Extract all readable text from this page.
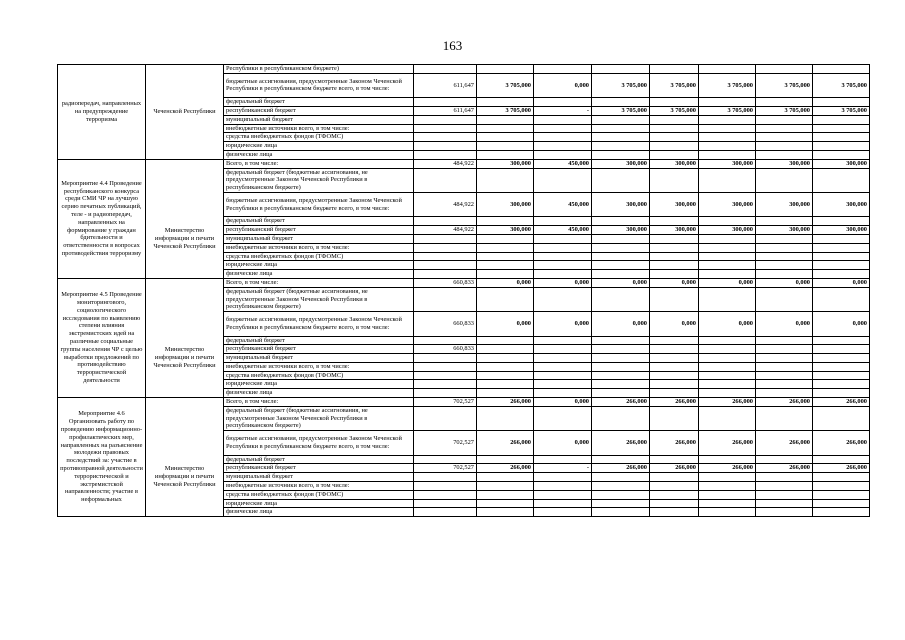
163
радиопередач, направленных на предупреждение терроризма	Чеченской Республики	Республики в республиканском бюджете)								
		бюджетные ассигнования, предусмотренные Законом Чеченской Республики в республиканском бюджете всего, в том числе:	611,647	3 705,000	0,000	3 705,000	3 705,000	3 705,000	3 705,000	3 705,000
		федеральный бюджет								
		республиканский бюджет	611,647	3 705,000	-	3 705,000	3 705,000	3 705,000	3 705,000	3 705,000
		муниципальный бюджет								
		внебюджетные источники всего, в том числе:								
		средства внебюджетных фондов (ТФОМС)								
		юридические лица								
		физические лица								
Мероприятие 4.4 Проведение республиканского конкурса среди СМИ ЧР на лучшую серию печатных публикаций, теле - и радиопередач, направленных на формирование у граждан бдительности и ответственности в вопросах противодействия терроризму	Министерство информации и печати Чеченской Республики	Всего, в том числе:	484,922	300,000	450,000	300,000	300,000	300,000	300,000	300,000
		федеральный бюджет (бюджетные ассигнования, не предусмотренные Законом Чеченской Республики в республиканском бюджете)								
		бюджетные ассигнования, предусмотренные Законом Чеченской Республики в республиканском бюджете всего, в том числе:	484,922	300,000	450,000	300,000	300,000	300,000	300,000	300,000
		федеральный бюджет								
		республиканский бюджет	484,922	300,000	450,000	300,000	300,000	300,000	300,000	300,000
		муниципальный бюджет								
		внебюджетные источники всего, в том числе:								
		средства внебюджетных фондов (ТФОМС)								
		юридические лица								
		физические лица								
Мероприятие 4.5 Проведение мониторингового, социологического исследования по выявлению степени влияния экстремистских идей на различные социальные группы населения ЧР с целью выработки предложений по противодействию террористической деятельности	Министерство информации и печати Чеченской Республики	Всего, в том числе:	660,833	0,000	0,000	0,000	0,000	0,000	0,000	0,000
		федеральный бюджет (бюджетные ассигнования, не предусмотренные Законом Чеченской Республики в республиканском бюджете)								
		бюджетные ассигнования, предусмотренные Законом Чеченской Республики в республиканском бюджете всего, в том числе:	660,833	0,000	0,000	0,000	0,000	0,000	0,000	0,000
		федеральный бюджет								
		республиканский бюджет	660,833							
		муниципальный бюджет								
		внебюджетные источники всего, в том числе:								
		средства внебюджетных фондов (ТФОМС)								
		юридические лица								
		физические лица								
Мероприятие 4.6 Организовать работу по проведению информационно-профилактических мер, направленных на разъяснение молодежи правовых последствий за: участие в противоправной деятельности террористической и экстремистской направленности; участие в неформальных	Министерство информации и печати Чеченской Республики	Всего, в том числе:	702,527	266,000	0,000	266,000	266,000	266,000	266,000	266,000
		федеральный бюджет (бюджетные ассигнования, не предусмотренные Законом Чеченской Республики в республиканском бюджете)								
		бюджетные ассигнования, предусмотренные Законом Чеченской Республики в республиканском бюджете всего, в том числе:	702,527	266,000	0,000	266,000	266,000	266,000	266,000	266,000
		федеральный бюджет								
		республиканский бюджет	702,527	266,000	-	266,000	266,000	266,000	266,000	266,000
		муниципальный бюджет								
		внебюджетные источники всего, в том числе:								
		средства внебюджетных фондов (ТФОМС)								
		юридические лица								
		физические лица								
